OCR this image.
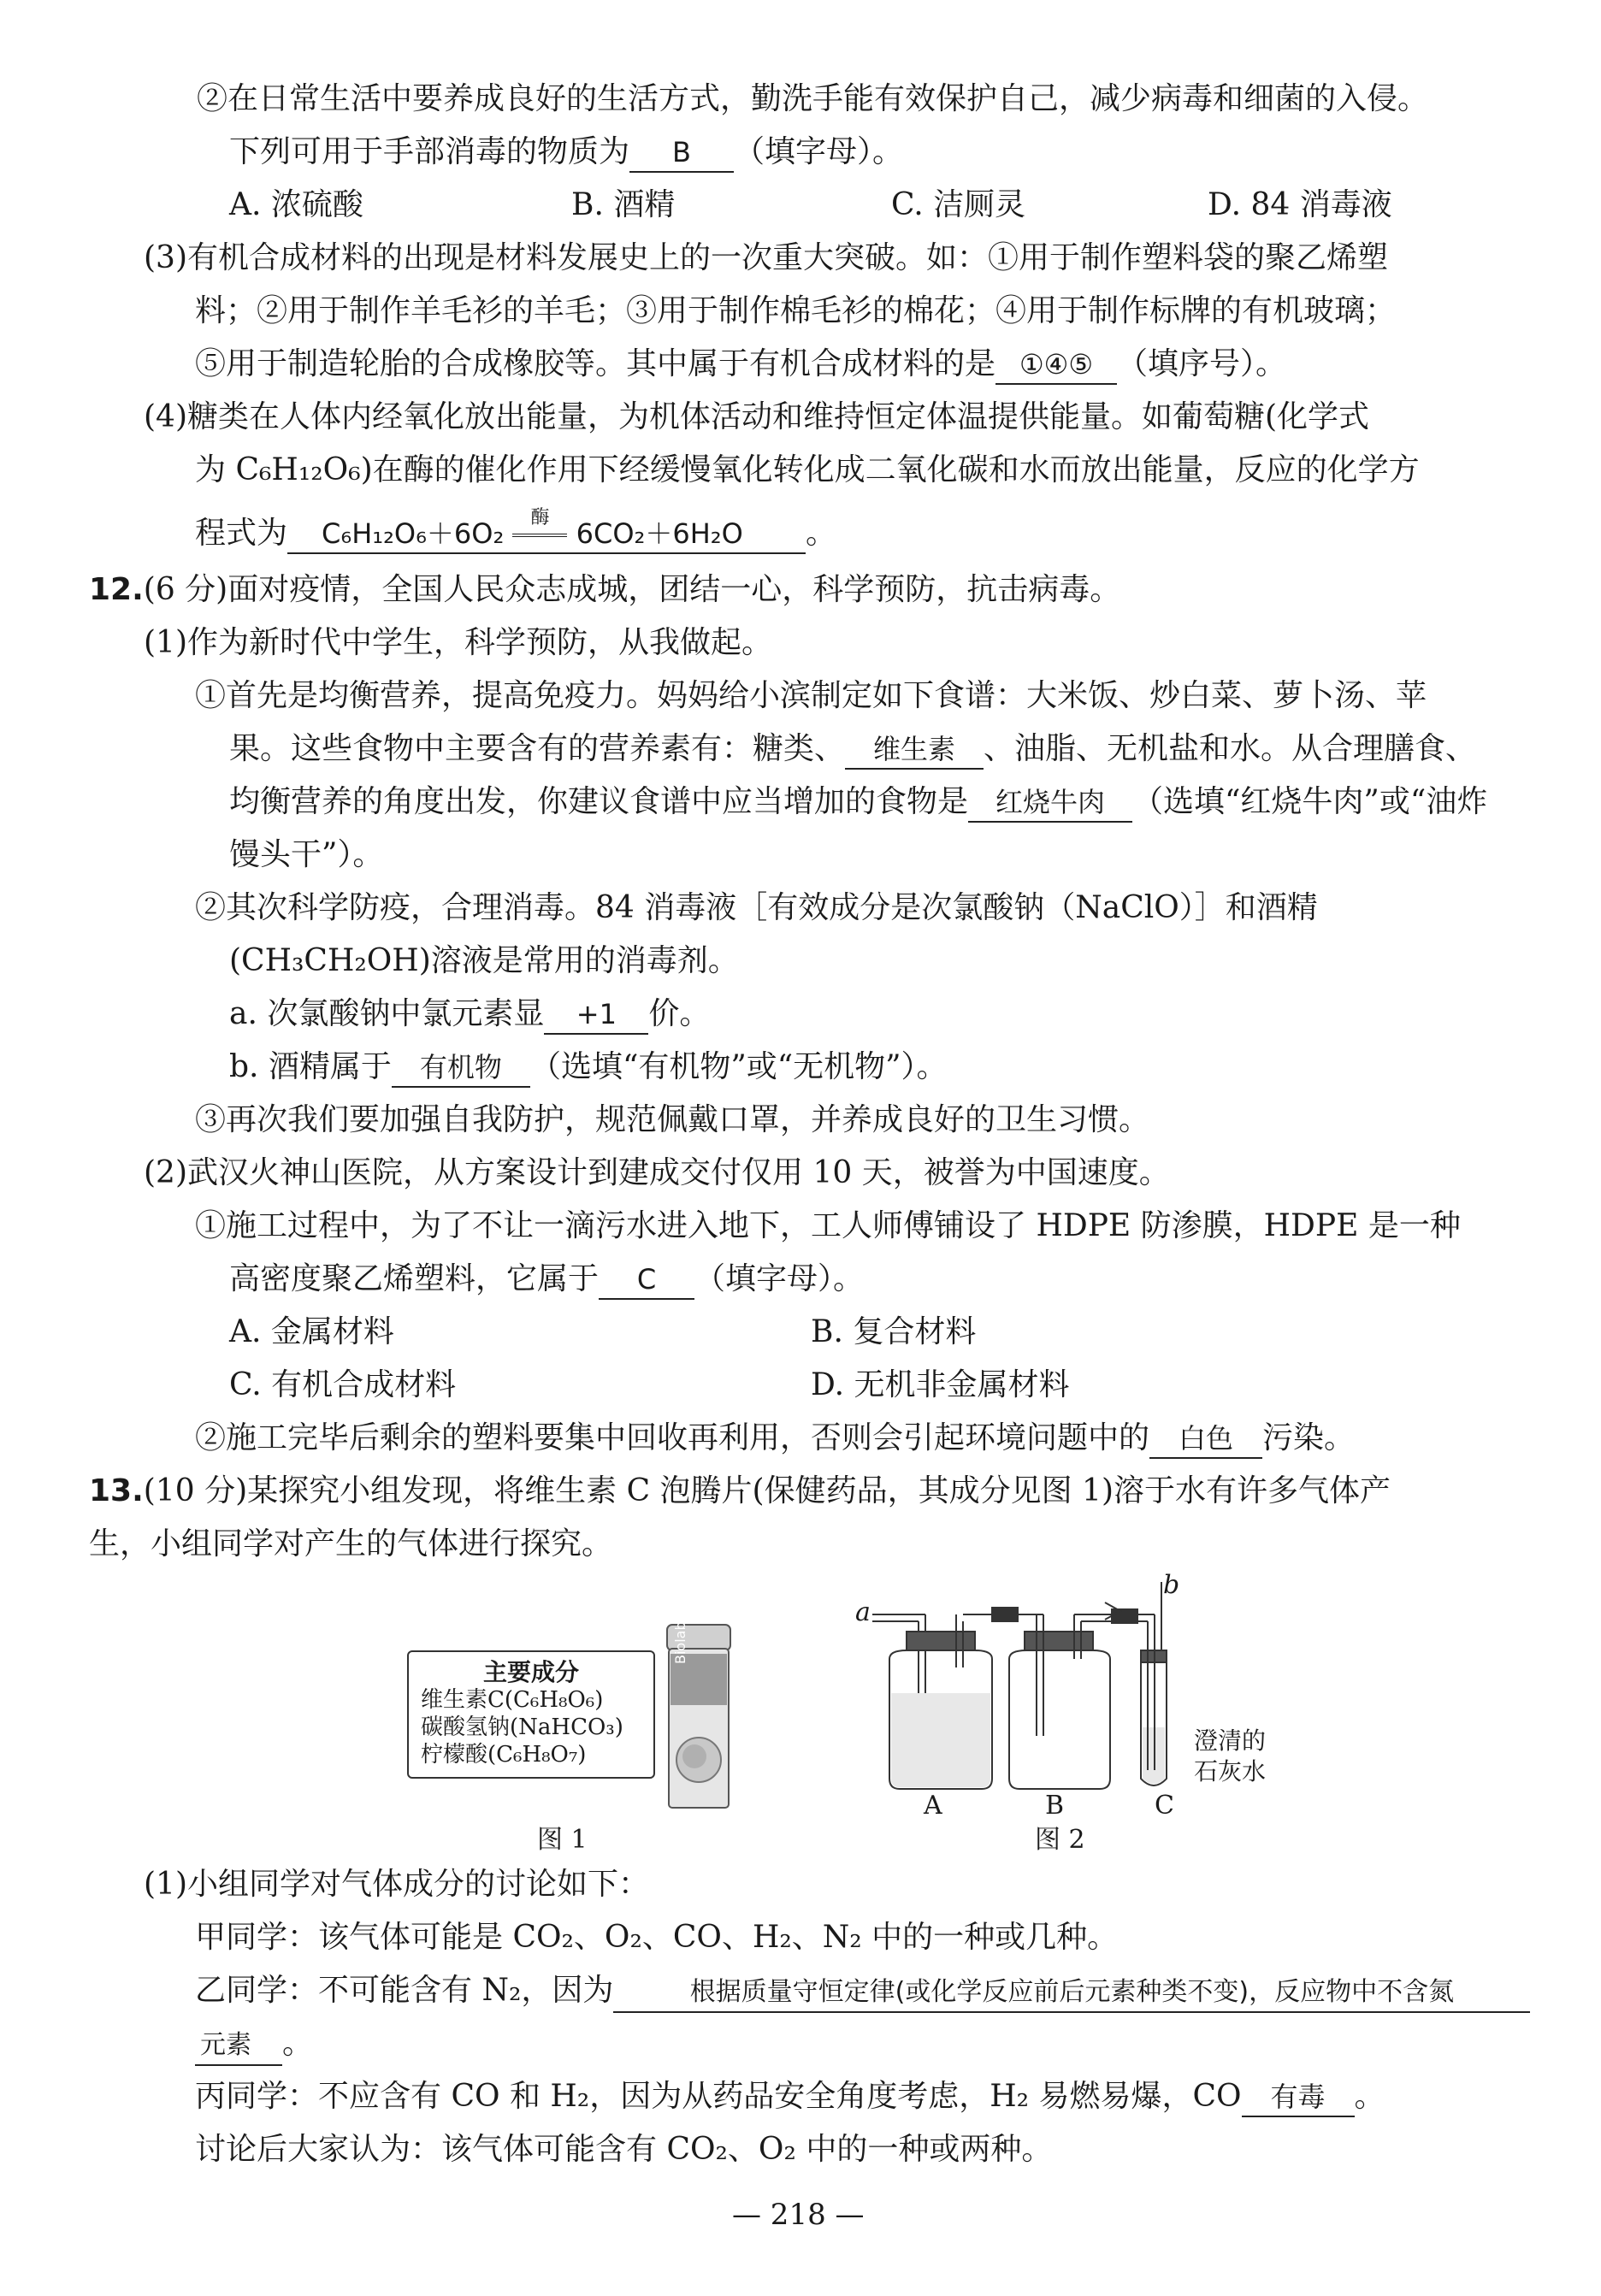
②在日常生活中要养成良好的生活方式，勤洗手能有效保护自己，减少病毒和细菌的入侵。
下列可用于手部消毒的物质为 B （填字母）。
A. 浓硫酸	B. 酒精	C. 洁厕灵	D. 84 消毒液
(3)有机合成材料的出现是材料发展史上的一次重大突破。如：①用于制作塑料袋的聚乙烯塑
料；②用于制作羊毛衫的羊毛；③用于制作棉毛衫的棉花；④用于制作标牌的有机玻璃；
⑤用于制造轮胎的合成橡胶等。其中属于有机合成材料的是 ①④⑤ （填序号）。
(4)糖类在人体内经氧化放出能量，为机体活动和维持恒定体温提供能量。如葡萄糖(化学式
为 C₆H₁₂O₆)在酶的催化作用下经缓慢氧化转化成二氧化碳和水而放出能量，反应的化学方
程式为 C₆H₁₂O₆＋6O₂	酶 6CO₂＋6H₂O 。
12.(6 分)面对疫情，全国人民众志成城，团结一心，科学预防，抗击病毒。
(1)作为新时代中学生，科学预防，从我做起。
①首先是均衡营养，提高免疫力。妈妈给小滨制定如下食谱：大米饭、炒白菜、萝卜汤、苹
果。这些食物中主要含有的营养素有：糖类、 维生素 、油脂、无机盐和水。从合理膳食、
均衡营养的角度出发，你建议食谱中应当增加的食物是 红烧牛肉 （选填“红烧牛肉”或“油炸
馒头干”）。
②其次科学防疫，合理消毒。84 消毒液［有效成分是次氯酸钠（NaClO）］和酒精
(CH₃CH₂OH)溶液是常用的消毒剂。
a. 次氯酸钠中氯元素显 +1 价。
b. 酒精属于 有机物 （选填“有机物”或“无机物”）。
③再次我们要加强自我防护，规范佩戴口罩，并养成良好的卫生习惯。
(2)武汉火神山医院，从方案设计到建成交付仅用 10 天，被誉为中国速度。
①施工过程中，为了不让一滴污水进入地下，工人师傅铺设了 HDPE 防渗膜，HDPE 是一种
高密度聚乙烯塑料，它属于 C （填字母）。
A. 金属材料	B. 复合材料
C. 有机合成材料	D. 无机非金属材料
②施工完毕后剩余的塑料要集中回收再利用，否则会引起环境问题中的 白色 污染。
13.(10 分)某探究小组发现，将维生素 C 泡腾片(保健药品，其成分见图 1)溶于水有许多气体产
生，小组同学对产生的气体进行探究。
主要成分
维生素C(C₆H₈O₆)
碳酸氢钠(NaHCO₃)
柠檬酸(C₆H₈O₇)
Biolabor
图 1
a
b
A	B	C
澄清的
石灰水
图 2
(1)小组同学对气体成分的讨论如下：
甲同学：该气体可能是 CO₂、O₂、CO、H₂、N₂ 中的一种或几种。
乙同学：不可能含有 N₂，因为	根据质量守恒定律(或化学反应前后元素种类不变)，反应物中不含氮
元素 。
丙同学：不应含有 CO 和 H₂，因为从药品安全角度考虑，H₂ 易燃易爆，CO 有毒 。
讨论后大家认为：该气体可能含有 CO₂、O₂ 中的一种或两种。
— 218 —
